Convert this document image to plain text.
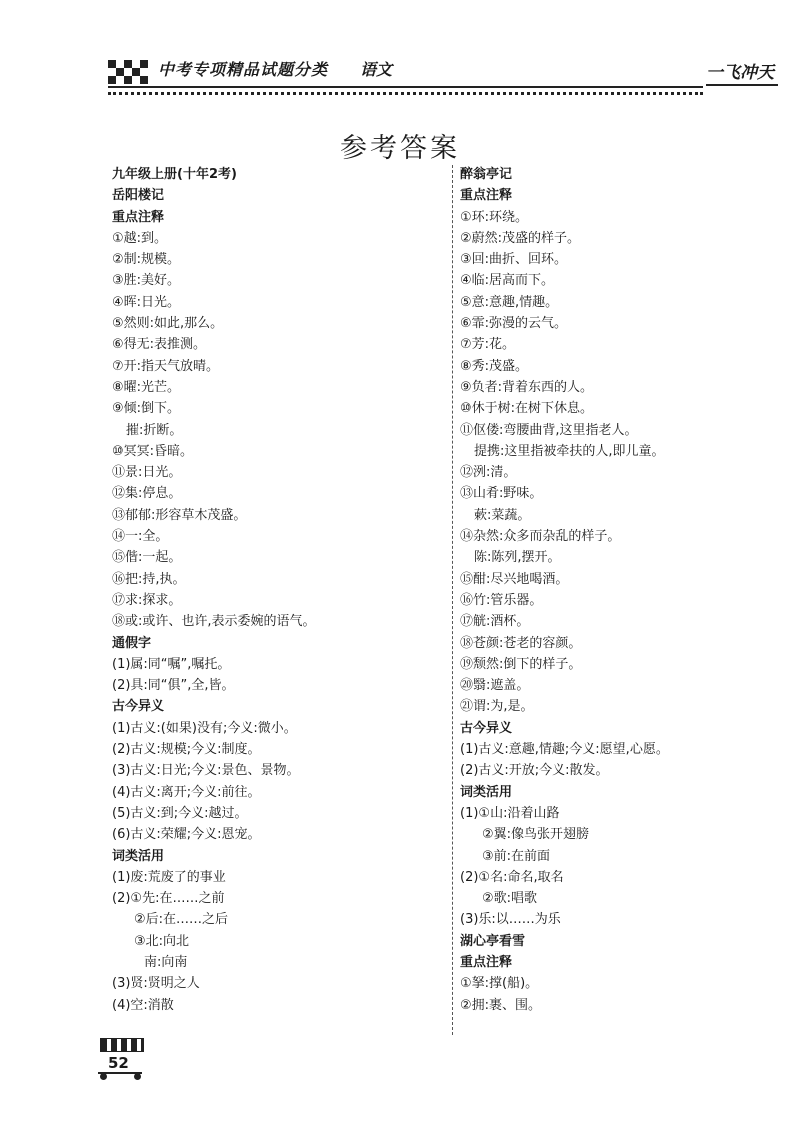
中考专项精品试题分类 语文	一飞冲天
参考答案
九年级上册(十年2考)
岳阳楼记
重点注释
①越:到。
②制:规模。
③胜:美好。
④晖:日光。
⑤然则:如此,那么。
⑥得无:表推测。
⑦开:指天气放晴。
⑧曜:光芒。
⑨倾:倒下。
摧:折断。
⑩冥冥:昏暗。
⑪景:日光。
⑫集:停息。
⑬郁郁:形容草木茂盛。
⑭一:全。
⑮偕:一起。
⑯把:持,执。
⑰求:探求。
⑱或:或许、也许,表示委婉的语气。
通假字
(1)属:同“嘱”,嘱托。
(2)具:同“俱”,全,皆。
古今异义
(1)古义:(如果)没有;今义:微小。
(2)古义:规模;今义:制度。
(3)古义:日光;今义:景色、景物。
(4)古义:离开;今义:前往。
(5)古义:到;今义:越过。
(6)古义:荣耀;今义:恩宠。
词类活用
(1)废:荒废了的事业
(2)①先:在……之前
②后:在……之后
③北:向北
南:向南
(3)贤:贤明之人
(4)空:消散
醉翁亭记
重点注释
①环:环绕。
②蔚然:茂盛的样子。
③回:曲折、回环。
④临:居高而下。
⑤意:意趣,情趣。
⑥霏:弥漫的云气。
⑦芳:花。
⑧秀:茂盛。
⑨负者:背着东西的人。
⑩休于树:在树下休息。
⑪伛偻:弯腰曲背,这里指老人。
提携:这里指被牵扶的人,即儿童。
⑫洌:清。
⑬山肴:野味。
蔌:菜蔬。
⑭杂然:众多而杂乱的样子。
陈:陈列,摆开。
⑮酣:尽兴地喝酒。
⑯竹:管乐器。
⑰觥:酒杯。
⑱苍颜:苍老的容颜。
⑲颓然:倒下的样子。
⑳翳:遮盖。
㉑谓:为,是。
古今异义
(1)古义:意趣,情趣;今义:愿望,心愿。
(2)古义:开放;今义:散发。
词类活用
(1)①山:沿着山路
②翼:像鸟张开翅膀
③前:在前面
(2)①名:命名,取名
②歌:唱歌
(3)乐:以……为乐
湖心亭看雪
重点注释
①拏:撑(船)。
②拥:裹、围。
52
